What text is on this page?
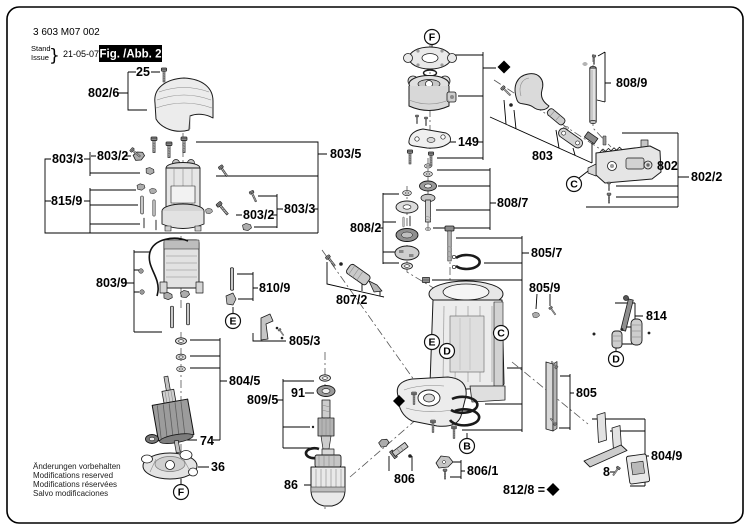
25
802/6
803/3 803/2
815/9
803/2 803/3
803/5
803/9	810/9
805/3
804/5
809/5 91
74
36
86
807/2
808/2
149
808/7
803
808/9
802
802/2
805/7
805/9
814
805
804/9
8
806
806/1
F
C
E
C
E
D
D
B
F
3 603 M07 002
Stand
Issue } 21-05-07 Fig. /Abb. 2
Änderungen vorbehalten
Modifications reserved
Modifications réservées
Salvo modificaciones	812/8 =
